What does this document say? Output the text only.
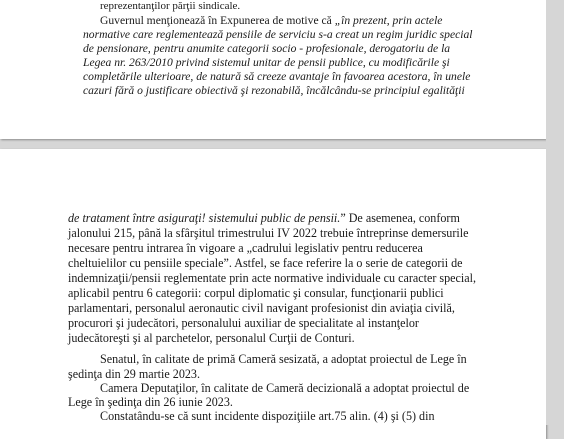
reprezentanţilor părţii sindicale.
Guvernul menţionează în Expunerea de motive că „în prezent, prin actele
normative care reglementează pensiile de serviciu s-a creat un regim juridic special
de pensionare, pentru anumite categorii socio - profesionale, derogatoriu de la
Legea nr. 263/2010 privind sistemul unitar de pensii publice, cu modificările şi
completările ulterioare, de natură să creeze avantaje în favoarea acestora, în unele
cazuri fără o justificare obiectivă şi rezonabilă, încălcându-se principiul egalităţii
de tratament între asiguraţi! sistemului public de pensii.” De asemenea, conform
jalonului 215, până la sfârşitul trimestrului IV 2022 trebuie întreprinse demersurile
necesare pentru intrarea în vigoare a „cadrului legislativ pentru reducerea
cheltuielilor cu pensiile speciale”. Astfel, se face referire la o serie de categorii de
indemnizaţii/pensii reglementate prin acte normative individuale cu caracter special,
aplicabil pentru 6 categorii: corpul diplomatic şi consular, funcţionarii publici
parlamentari, personalul aeronautic civil navigant profesionist din aviaţia civilă,
procurori şi judecători, personalului auxiliar de specialitate al instanţelor
judecătoreşti şi al parchetelor, personalul Curţii de Conturi.
Senatul, în calitate de primă Cameră sesizată, a adoptat proiectul de Lege în
şedinţa din 29 martie 2023.
Camera Deputaţilor, în calitate de Cameră decizională a adoptat proiectul de
Lege în şedinţa din 26 iunie 2023.
Constatându-se că sunt incidente dispoziţiile art.75 alin. (4) şi (5) din
